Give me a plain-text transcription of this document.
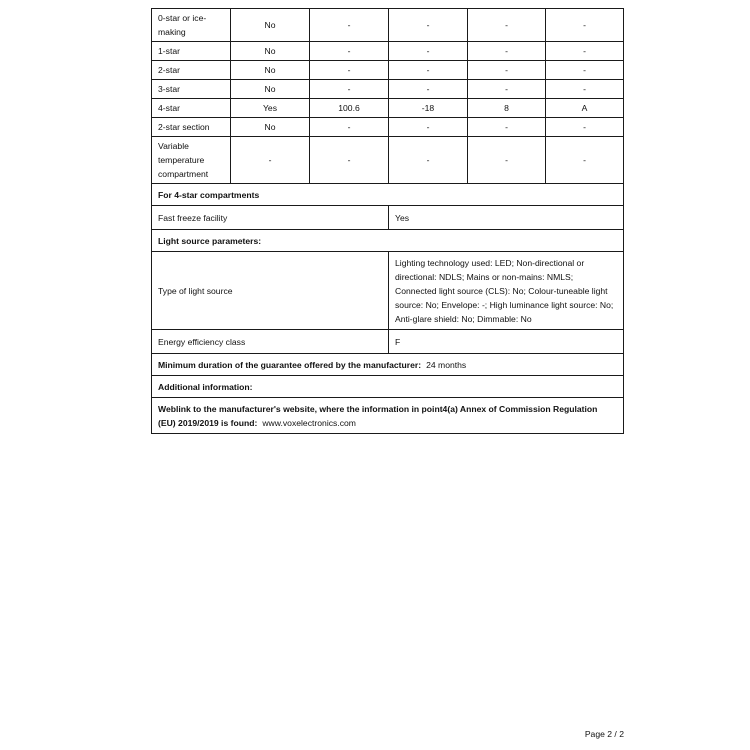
0-star or ice-making	No	-	-	-	-
1-star	No	-	-	-	-
2-star	No	-	-	-	-
3-star	No	-	-	-	-
4-star	Yes	100.6	-18	8	A
2-star section	No	-	-	-	-
Variable temperature compartment	-	-	-	-	-
For 4-star compartments					
Fast freeze facility			Yes		
Light source parameters:					
Type of light source			Lighting technology used: LED; Non-directional or directional: NDLS; Mains or non-mains: NMLS; Connected light source (CLS): No; Colour-tuneable light source: No; Envelope: -; High luminance light source: No; Anti-glare shield: No; Dimmable: No		
Energy efficiency class			F		
Minimum duration of the guarantee offered by the manufacturer: 24 months					
Additional information:					
Weblink to the manufacturer's website, where the information in point4(a) Annex of Commission Regulation (EU) 2019/2019 is found: www.voxelectronics.com					
Page 2 / 2
